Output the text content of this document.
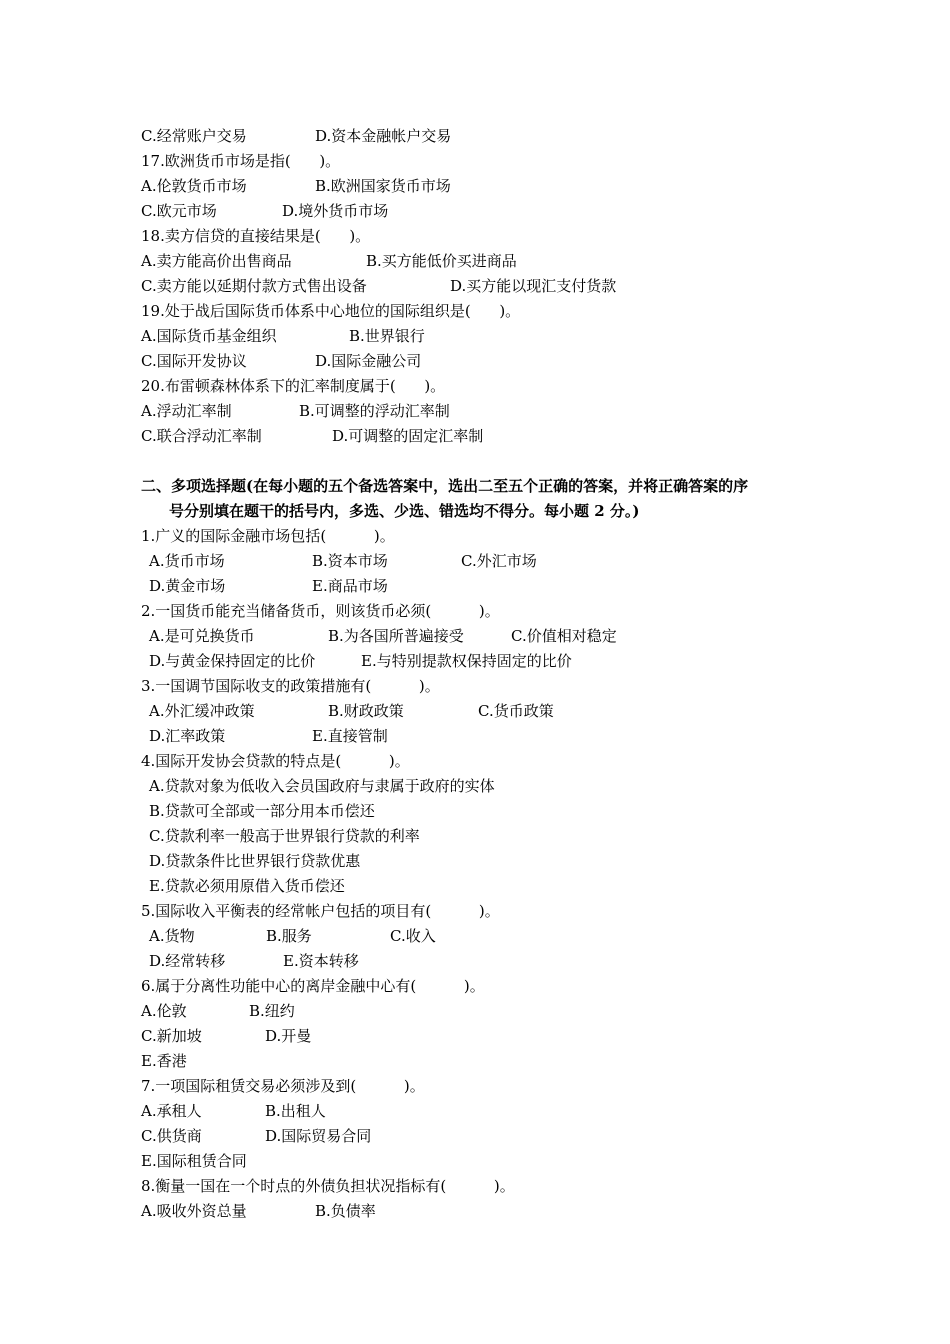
C.经常账户交易	D.资本金融帐户交易
17.欧洲货币市场是指(      )。
A.伦敦货币市场	B.欧洲国家货币市场
C.欧元市场	D.境外货币市场
18.卖方信贷的直接结果是(      )。
A.卖方能高价出售商品	B.买方能低价买进商品
C.卖方能以延期付款方式售出设备	D.买方能以现汇支付货款
19.处于战后国际货币体系中心地位的国际组织是(      )。
A.国际货币基金组织	B.世界银行
C.国际开发协议	D.国际金融公司
20.布雷顿森林体系下的汇率制度属于(      )。
A.浮动汇率制	B.可调整的浮动汇率制
C.联合浮动汇率制	D.可调整的固定汇率制
二、多项选择题(在每小题的五个备选答案中，选出二至五个正确的答案，并将正确答案的序
号分别填在题干的括号内，多选、少选、错选均不得分。每小题 2 分。)
1.广义的国际金融市场包括(          )。
A.货币市场	B.资本市场	C.外汇市场
D.黄金市场	E.商品市场
2.一国货币能充当储备货币，则该货币必须(          )。
A.是可兑换货币	B.为各国所普遍接受	C.价值相对稳定
D.与黄金保持固定的比价	E.与特别提款权保持固定的比价
3.一国调节国际收支的政策措施有(          )。
A.外汇缓冲政策	B.财政政策	C.货币政策
D.汇率政策	E.直接管制
4.国际开发协会贷款的特点是(          )。
A.贷款对象为低收入会员国政府与隶属于政府的实体
B.贷款可全部或一部分用本币偿还
C.贷款利率一般高于世界银行贷款的利率
D.贷款条件比世界银行贷款优惠
E.贷款必须用原借入货币偿还
5.国际收入平衡表的经常帐户包括的项目有(          )。
A.货物	B.服务	C.收入
D.经常转移	E.资本转移
6.属于分离性功能中心的离岸金融中心有(          )。
A.伦敦	B.纽约
C.新加坡	D.开曼
E.香港
7.一项国际租赁交易必须涉及到(          )。
A.承租人	B.出租人
C.供货商	D.国际贸易合同
E.国际租赁合同
8.衡量一国在一个时点的外债负担状况指标有(          )。
A.吸收外资总量	B.负债率
